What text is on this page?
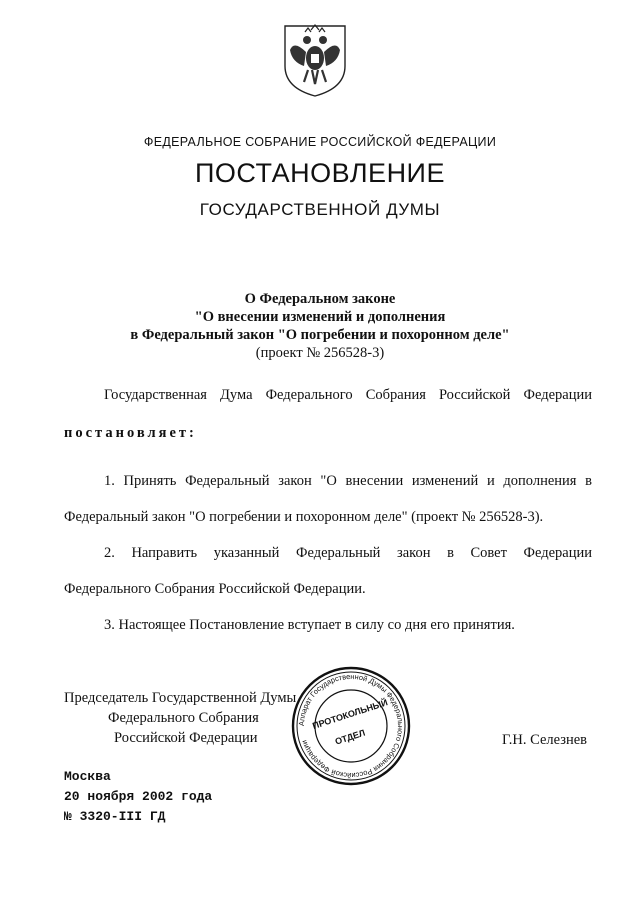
ФЕДЕРАЛЬНОЕ СОБРАНИЕ РОССИЙСКОЙ ФЕДЕРАЦИИ
ПОСТАНОВЛЕНИЕ
ГОСУДАРСТВЕННОЙ ДУМЫ
О Федеральном законе
"О внесении изменений и дополнения
в Федеральный закон "О погребении и похоронном деле"
(проект № 256528-3)
Государственная Дума Федерального Собрания Российской Федерации
постановляет:
1. Принять Федеральный закон "О внесении изменений и дополнения в
Федеральный закон "О погребении и похоронном деле" (проект № 256528-3).
2. Направить указанный Федеральный закон в Совет Федерации
Федерального Собрания Российской Федерации.
3. Настоящее Постановление вступает в силу со дня его принятия.
Председатель Государственной Думы
Федерального Собрания
Российской Федерации
Аппарат Государственной Думы Федерального Собрания Российской Федерации
ПРОТОКОЛЬНЫЙ
ОТДЕЛ	Г.Н. Селезнев
Москва
20 ноября 2002 года
№ 3320-III ГД
